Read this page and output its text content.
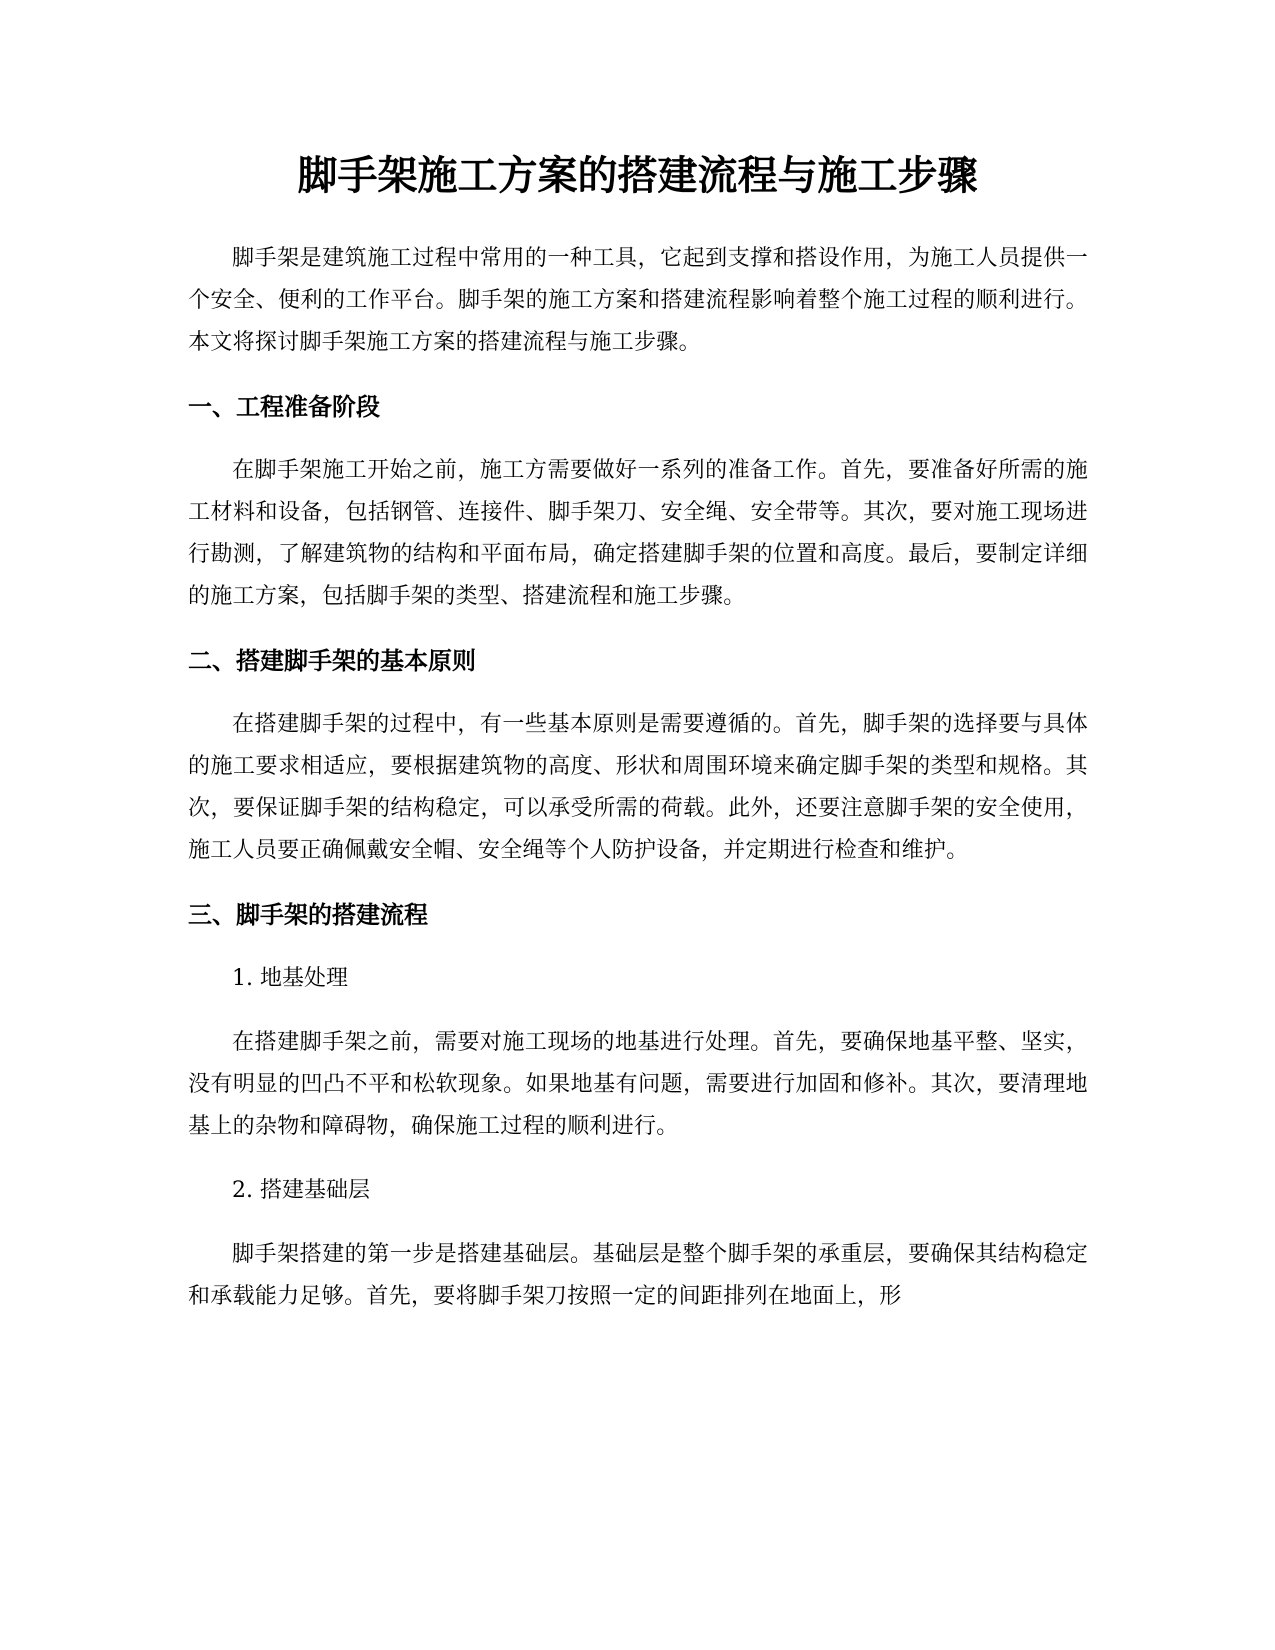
脚手架施工方案的搭建流程与施工步骤

脚手架是建筑施工过程中常用的一种工具，它起到支撑和搭设作用，为施工人员提供一个安全、便利的工作平台。脚手架的施工方案和搭建流程影响着整个施工过程的顺利进行。本文将探讨脚手架施工方案的搭建流程与施工步骤。

一、工程准备阶段

在脚手架施工开始之前，施工方需要做好一系列的准备工作。首先，要准备好所需的施工材料和设备，包括钢管、连接件、脚手架刀、安全绳、安全带等。其次，要对施工现场进行勘测，了解建筑物的结构和平面布局，确定搭建脚手架的位置和高度。最后，要制定详细的施工方案，包括脚手架的类型、搭建流程和施工步骤。

二、搭建脚手架的基本原则

在搭建脚手架的过程中，有一些基本原则是需要遵循的。首先，脚手架的选择要与具体的施工要求相适应，要根据建筑物的高度、形状和周围环境来确定脚手架的类型和规格。其次，要保证脚手架的结构稳定，可以承受所需的荷载。此外，还要注意脚手架的安全使用，施工人员要正确佩戴安全帽、安全绳等个人防护设备，并定期进行检查和维护。

三、脚手架的搭建流程

1. 地基处理

在搭建脚手架之前，需要对施工现场的地基进行处理。首先，要确保地基平整、坚实，没有明显的凹凸不平和松软现象。如果地基有问题，需要进行加固和修补。其次，要清理地基上的杂物和障碍物，确保施工过程的顺利进行。

2. 搭建基础层

脚手架搭建的第一步是搭建基础层。基础层是整个脚手架的承重层，要确保其结构稳定和承载能力足够。首先，要将脚手架刀按照一定的间距排列在地面上，形
